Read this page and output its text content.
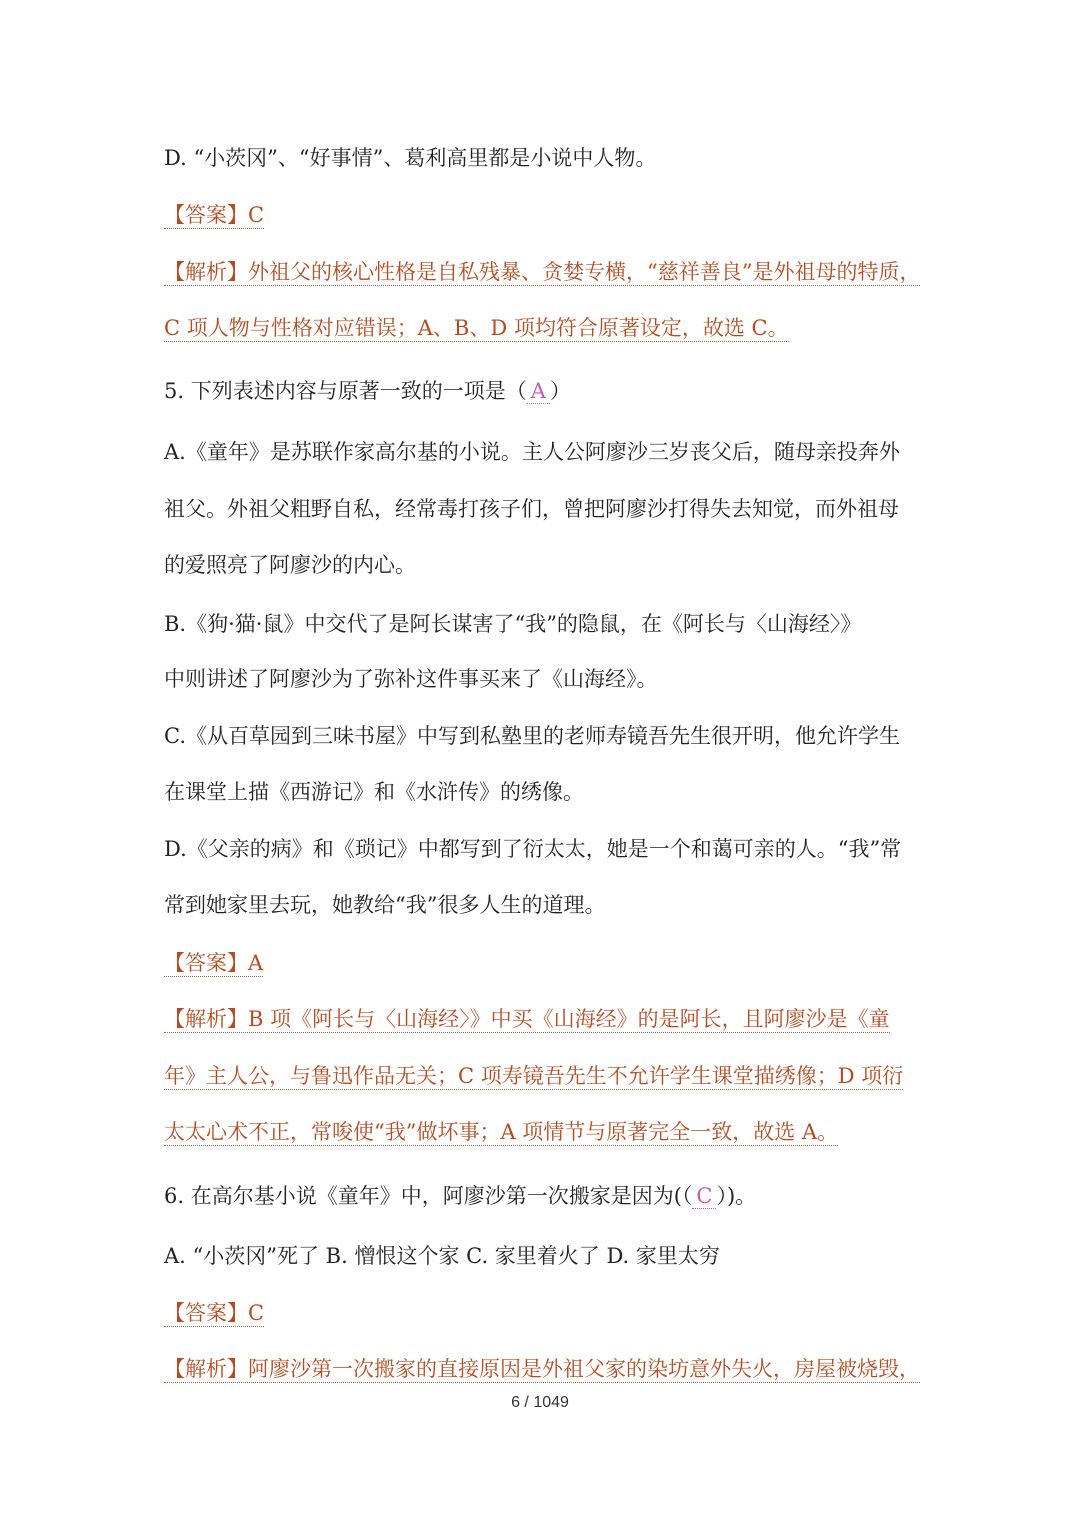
D. “小茨冈”、“好事情”、葛利高里都是小说中人物。
【答案】C
【解析】外祖父的核心性格是自私残暴、贪婪专横，“慈祥善良”是外祖母的特质，
C 项人物与性格对应错误；A、B、D 项均符合原著设定，故选 C。
5. 下列表述内容与原著一致的一项是（ A ）
A.《童年》是苏联作家高尔基的小说。主人公阿廖沙三岁丧父后，随母亲投奔外
祖父。外祖父粗野自私，经常毒打孩子们，曾把阿廖沙打得失去知觉，而外祖母
的爱照亮了阿廖沙的内心。
B.《狗·猫·鼠》中交代了是阿长谋害了“我”的隐鼠，在《阿长与〈山海经〉》
中则讲述了阿廖沙为了弥补这件事买来了《山海经》。
C.《从百草园到三味书屋》中写到私塾里的老师寿镜吾先生很开明，他允许学生
在课堂上描《西游记》和《水浒传》的绣像。
D.《父亲的病》和《琐记》中都写到了衍太太，她是一个和蔼可亲的人。“我”常
常到她家里去玩，她教给“我”很多人生的道理。
【答案】A
【解析】B 项《阿长与〈山海经〉》中买《山海经》的是阿长，且阿廖沙是《童
年》主人公，与鲁迅作品无关；C 项寿镜吾先生不允许学生课堂描绣像；D 项衍
太太心术不正，常唆使“我”做坏事；A 项情节与原著完全一致，故选 A。
6. 在高尔基小说《童年》中，阿廖沙第一次搬家是因为(（ C ）)。
A. “小茨冈”死了 B. 憎恨这个家 C. 家里着火了 D. 家里太穷
【答案】C
【解析】阿廖沙第一次搬家的直接原因是外祖父家的染坊意外失火，房屋被烧毁，
6 / 1049
